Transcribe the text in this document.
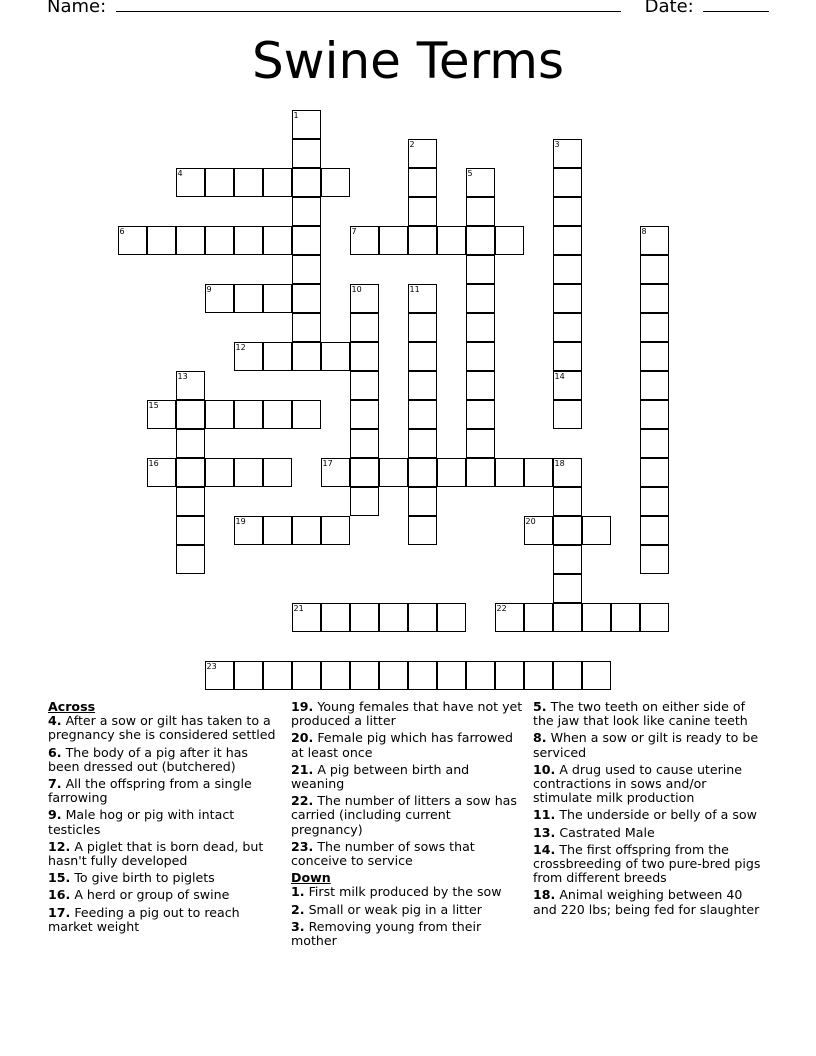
Name:	Date:
Swine Terms
4
6	7
9
12
15
16	17	18
19	20
21	22
23
1
2	3
5
8
10	11
13	14
Across
4. After a sow or gilt has taken to a pregnancy she is considered settled
6. The body of a pig after it has been dressed out (butchered)
7. All the offspring from a single farrowing
9. Male hog or pig with intact testicles
12. A piglet that is born dead, but hasn't fully developed
15. To give birth to piglets
16. A herd or group of swine
17. Feeding a pig out to reach market weight
19. Young females that have not yet produced a litter
20. Female pig which has farrowed at least once
21. A pig between birth and weaning
22. The number of litters a sow has carried (including current pregnancy)
23. The number of sows that conceive to service
Down
1. First milk produced by the sow
2. Small or weak pig in a litter
3. Removing young from their mother
5. The two teeth on either side of the jaw that look like canine teeth
8. When a sow or gilt is ready to be serviced
10. A drug used to cause uterine contractions in sows and/or stimulate milk production
11. The underside or belly of a sow
13. Castrated Male
14. The first offspring from the crossbreeding of two pure-bred pigs from different breeds
18. Animal weighing between 40 and 220 lbs; being fed for slaughter
